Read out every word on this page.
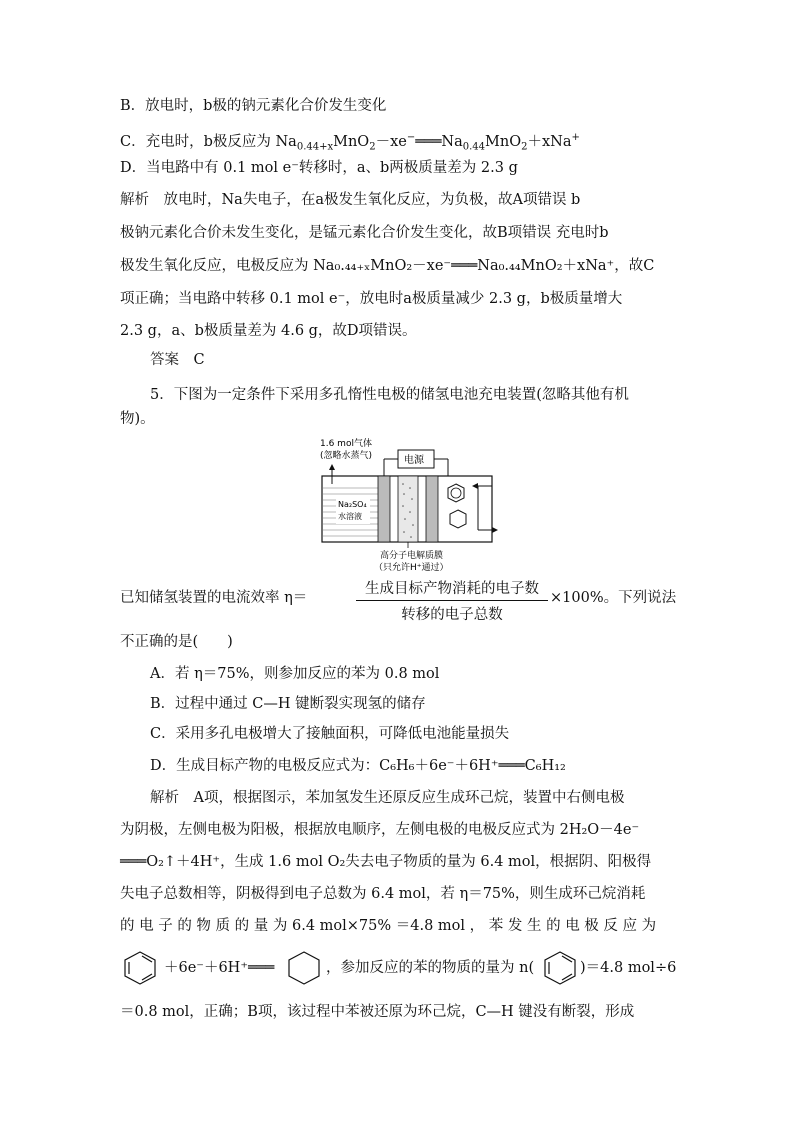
B．放电时，b极的钠元素化合价发生变化
C．充电时，b极反应为 $Na_{0.44+x}MnO_2-xe^-═══Na_{0.44}MnO_2+xNa^+$
D．当电路中有 0.1 mol e⁻转移时，a、b两极质量差为 2.3 g
解析　 放电时，Na失电子，在a极发生氧化反应，为负极，故A项错误 b
极钠元素化合价未发生变化，是锰元素化合价发生变化，故B项错误 充电时b
极发生氧化反应，电极反应为 Na₀.₄₄₊ₓMnO₂－xe⁻═══Na₀.₄₄MnO₂＋xNa⁺，故C
项正确；当电路中转移 0.1 mol e⁻，放电时a极质量减少 2.3 g，b极质量增大
2.3 g，a、b极质量差为 4.6 g，故D项错误。
答案　 C
5．下图为一定条件下采用多孔惰性电极的储氢电池充电装置(忽略其他有机
物)。
1.6 mol气体
(忽略水蒸气)	电源
Na₂SO₄
水溶液
高分子电解质膜
（只允许H⁺通过）
已知储氢装置的电流效率 η＝
生成目标产物消耗的电子数
转移的电子总数
×100%。下列说法
不正确的是(　　)
A．若 η＝75%，则参加反应的苯为 0.8 mol
B．过程中通过 C—H 键断裂实现氢的储存
C．采用多孔电极增大了接触面积，可降低电池能量损失
D．生成目标产物的电极反应式为：C₆H₆＋6e⁻＋6H⁺═══C₆H₁₂
解析　 A项，根据图示，苯加氢发生还原反应生成环己烷，装置中右侧电极
为阴极，左侧电极为阳极，根据放电顺序，左侧电极的电极反应式为 2H₂O－4e⁻
═══O₂↑＋4H⁺，生成 1.6 mol O₂失去电子物质的量为 6.4 mol，根据阴、阳极得
失电子总数相等，阴极得到电子总数为 6.4 mol，若 η＝75%，则生成环己烷消耗
的 电 子 的 物 质 的 量 为 6.4 mol×75% ＝4.8 mol ， 苯 发 生 的 电 极 反 应 为
＋6e⁻＋6H⁺═══	，参加反应的苯的物质的量为 n(	)＝4.8 mol÷6
＝0.8 mol，正确；B项，该过程中苯被还原为环己烷，C—H 键没有断裂，形成
